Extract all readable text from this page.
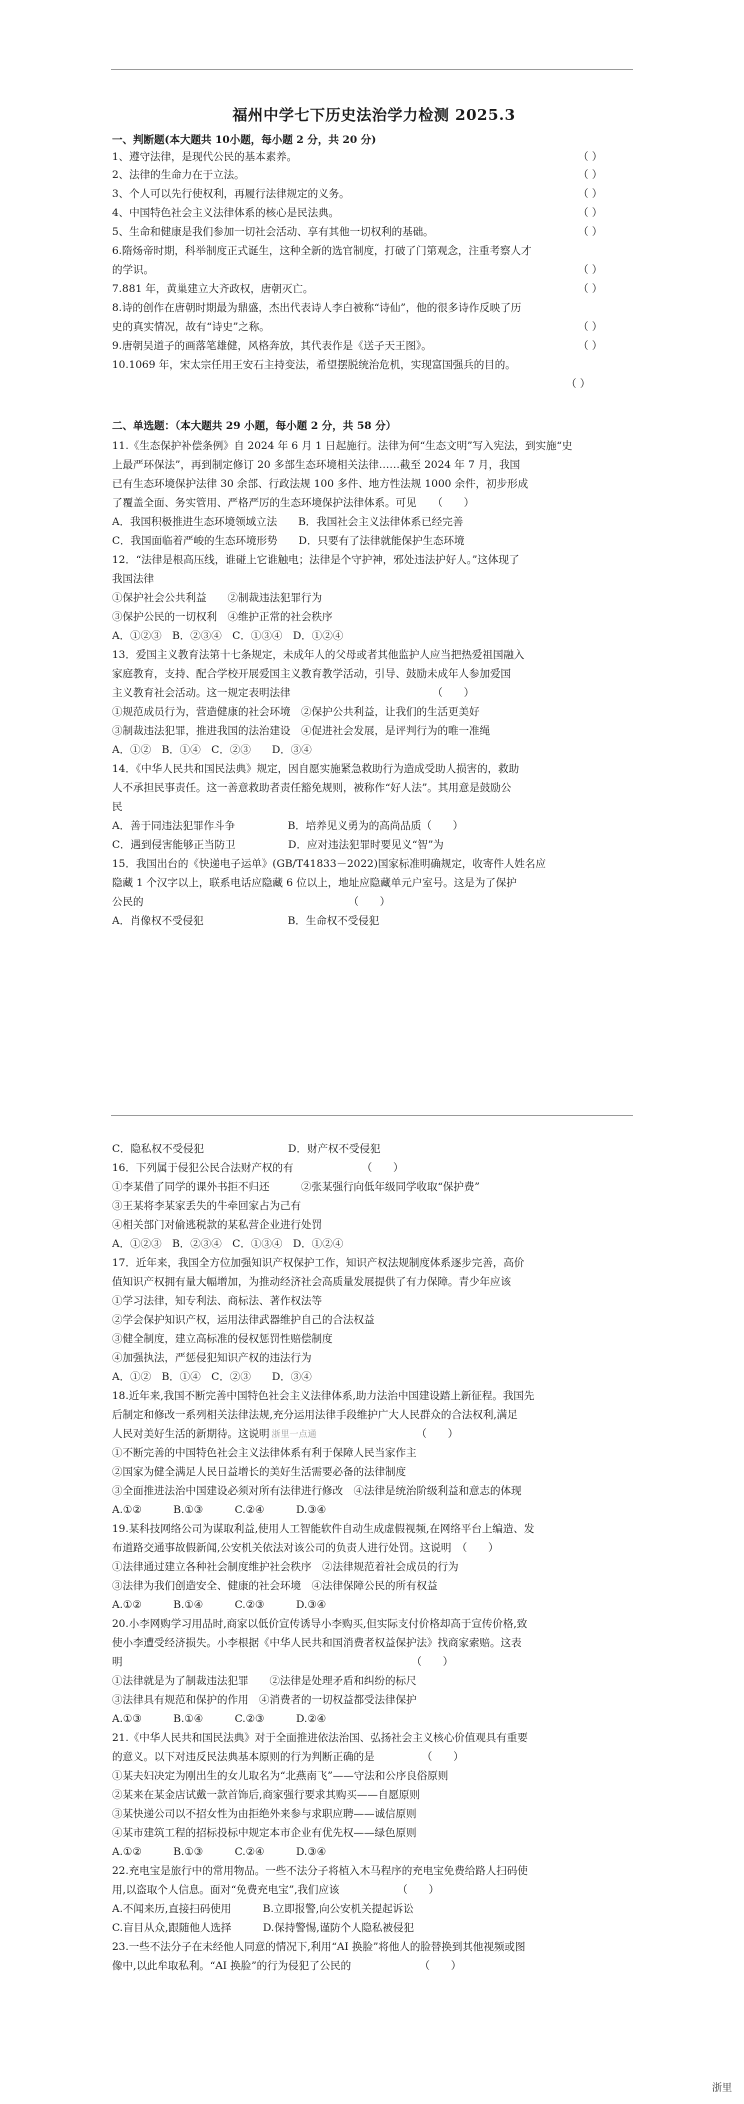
福州中学七下历史法治学力检测 2025.3
一、判断题(本大题共 10小题，每小题 2 分，共 20 分)
1、遵守法律，是现代公民的基本素养。	（ ）
2、法律的生命力在于立法。	（ ）
3、个人可以先行使权利，再履行法律规定的义务。	（ ）
4、中国特色社会主义法律体系的核心是民法典。	（ ）
5、生命和健康是我们参加一切社会活动、享有其他一切权利的基础。	（ ）
6.隋炀帝时期，科举制度正式诞生，这种全新的选官制度，打破了门第观念，注重考察人才
的学识。	（ ）
7.881 年，黄巢建立大齐政权，唐朝灭亡。	（ ）
8.诗的创作在唐朝时期最为鼎盛，杰出代表诗人李白被称“诗仙”，他的很多诗作反映了历
史的真实情况，故有“诗史”之称。	（ ）
9.唐朝吴道子的画落笔雄健，风格奔放，其代表作是《送子天王图》。	（ ）
10.1069 年，宋太宗任用王安石主持变法，希望摆脱统治危机，实现富国强兵的目的。
（ ）
二、单选题：（本大题共 29 小题，每小题 2 分，共 58 分）
11.《生态保护补偿条例》自 2024 年 6 月 1 日起施行。法律为何“生态文明”写入宪法，到实施“史
上最严环保法”，再到制定修订 20 多部生态环境相关法律……截至 2024 年 7 月，我国
已有生态环境保护法律 30 余部、行政法规 100 多件、地方性法规 1000 余件，初步形成
了覆盖全面、务实管用、严格严厉的生态环境保护法律体系。可见　　（　　）
A．我国积极推进生态环境领域立法　　B．我国社会主义法律体系已经完善
C．我国面临着严峻的生态环境形势　　D．只要有了法律就能保护生态环境
12．“法律是根高压线，谁碰上它谁触电；法律是个守护神，邪处违法护好人。”这体现了
我国法律
①保护社会公共利益　　②制裁违法犯罪行为
③保护公民的一切权利　④维护正常的社会秩序
A．①②③　B．②③④　C．①③④　D．①②④
13．爱国主义教育法第十七条规定，未成年人的父母或者其他监护人应当把热爱祖国融入
家庭教育，支持、配合学校开展爱国主义教育教学活动，引导、鼓励未成年人参加爱国
主义教育社会活动。这一规定表明法律　　　　　　　　　　　　　　（　　）
①规范成员行为，营造健康的社会环境　②保护公共利益，让我们的生活更美好
③制裁违法犯罪，推进我国的法治建设　④促进社会发展，是评判行为的唯一准绳
A．①②　B．①④　C．②③　　D．③④
14．《中华人民共和国民法典》规定，因自愿实施紧急救助行为造成受助人损害的，救助
人不承担民事责任。这一善意救助者责任豁免规则，被称作“好人法”。其用意是鼓励公
民
A．善于同违法犯罪作斗争　　　　　B．培养见义勇为的高尚品质（　　）
C．遇到侵害能够正当防卫　　　　　D．应对违法犯罪时要见义“智”为
15．我国出台的《快递电子运单》(GB/T41833－2022)国家标准明确规定，收寄件人姓名应
隐藏 1 个汉字以上，联系电话应隐藏 6 位以上，地址应隐藏单元户室号。这是为了保护
公民的　　　　　　　　　　　　　　　　　　　　（　　）
A．肖像权不受侵犯　　　　　　　　B．生命权不受侵犯
C．隐私权不受侵犯　　　　　　　　D．财产权不受侵犯
16．下列属于侵犯公民合法财产权的有　　　　　　　（　　）
①李某借了同学的课外书拒不归还　　　②张某强行向低年级同学收取“保护费”
③王某将李某家丢失的牛牵回家占为己有
④相关部门对偷逃税款的某私营企业进行处罚
A．①②③　B．②③④　C．①③④　D．①②④
17．近年来，我国全方位加强知识产权保护工作，知识产权法规制度体系逐步完善，高价
值知识产权拥有量大幅增加，为推动经济社会高质量发展提供了有力保障。青少年应该
①学习法律，知专利法、商标法、著作权法等
②学会保护知识产权，运用法律武器维护自己的合法权益
③健全制度，建立高标准的侵权惩罚性赔偿制度
④加强执法，严惩侵犯知识产权的违法行为
A．①②　B．①④　C．②③　　D．③④
18.近年来,我国不断完善中国特色社会主义法律体系,助力法治中国建设踏上新征程。我国先
后制定和修改一系列相关法律法规,充分运用法律手段维护广大人民群众的合法权利,满足
人民对美好生活的新期待。这说明 浙里一点通　　　　　　　　　　（　　）
①不断完善的中国特色社会主义法律体系有利于保障人民当家作主
②国家为健全满足人民日益增长的美好生活需要必备的法律制度
③全面推进法治中国建设必须对所有法律进行修改　④法律是统治阶级利益和意志的体现
A.①②　　　B.①③　　　C.②④　　　D.③④
19.某科技网络公司为谋取利益,使用人工智能软件自动生成虚假视频,在网络平台上编造、发
布道路交通事故假新闻,公安机关依法对该公司的负责人进行处罚。这说明　（　　）
①法律通过建立各种社会制度维护社会秩序　②法律规范着社会成员的行为
③法律为我们创造安全、健康的社会环境　④法律保障公民的所有权益
A.①②　　　B.①④　　　C.②③　　　D.③④
20.小李网购学习用品时,商家以低价宣传诱导小李购买,但实际支付价格却高于宣传价格,致
使小李遭受经济损失。小李根据《中华人民共和国消费者权益保护法》找商家索赔。这表
明　　　　　　　　　　　　　　　　　　　　　　　　　　　　（　　）
①法律就是为了制裁违法犯罪　　②法律是处理矛盾和纠纷的标尺
③法律具有规范和保护的作用　④消费者的一切权益都受法律保护
A.①③　　　B.①④　　　C.②③　　　D.②④
21.《中华人民共和国民法典》对于全面推进依法治国、弘扬社会主义核心价值观具有重要
的意义。以下对违反民法典基本原则的行为判断正确的是　　　　　（　　）
①某夫妇决定为刚出生的女儿取名为“北燕南飞”——守法和公序良俗原则
②某来在某金店试戴一款首饰后,商家强行要求其购买——自愿原则
③某快递公司以不招女性为由拒绝外来参与求职应聘——诚信原则
④某市建筑工程的招标投标中规定本市企业有优先权——绿色原则
A.①②　　　B.①③　　　C.②④　　　D.③④
22.充电宝是旅行中的常用物品。一些不法分子将植入木马程序的充电宝免费给路人扫码使
用,以盗取个人信息。面对“免费充电宝”,我们应该　　　　　　（　　）
A.不闻来历,直接扫码使用　　　B.立即报警,向公安机关提起诉讼
C.盲目从众,跟随他人选择　　　D.保持警惕,谨防个人隐私被侵犯
23.一些不法分子在未经他人同意的情况下,利用“AI 换脸”将他人的脸替换到其他视频或图
像中,以此牟取私利。“AI 换脸”的行为侵犯了公民的　　　　　　　（　　）
浙里
